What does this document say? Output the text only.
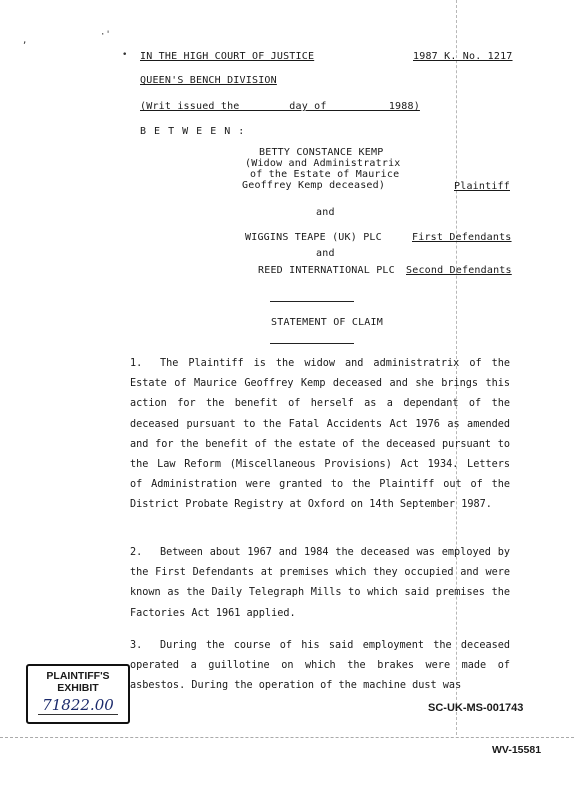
,
·'
• IN THE HIGH COURT OF JUSTICE	1987 K. No. 1217
QUEEN'S BENCH DIVISION
(Writ issued the        day of          1988)
B E T W E E N :
BETTY CONSTANCE KEMP
(Widow and Administratrix
of the Estate of Maurice
Geoffrey Kemp deceased)	Plaintiff
and
WIGGINS TEAPE (UK) PLC	First Defendants
and
REED INTERNATIONAL PLC Second Defendants
STATEMENT OF CLAIM
1. The Plaintiff is the widow and administratrix of the Estate of Maurice Geoffrey Kemp deceased and she brings this action for the benefit of herself as a dependant of the deceased pursuant to the Fatal Accidents Act 1976 as amended and for the benefit of the estate of the deceased pursuant to the Law Reform (Miscellaneous Provisions) Act 1934. Letters of Administration were granted to the Plaintiff out of the District Probate Registry at Oxford on 14th September 1987.
2. Between about 1967 and 1984 the deceased was employed by the First Defendants at premises which they occupied and were known as the Daily Telegraph Mills to which said premises the Factories Act 1961 applied.
3. During the course of his said employment the deceased operated a guillotine on which the brakes were made of asbestos. During the operation of the machine dust was
PLAINTIFF'S
EXHIBIT
71822.00	SC-UK-MS-001743
WV-15581
